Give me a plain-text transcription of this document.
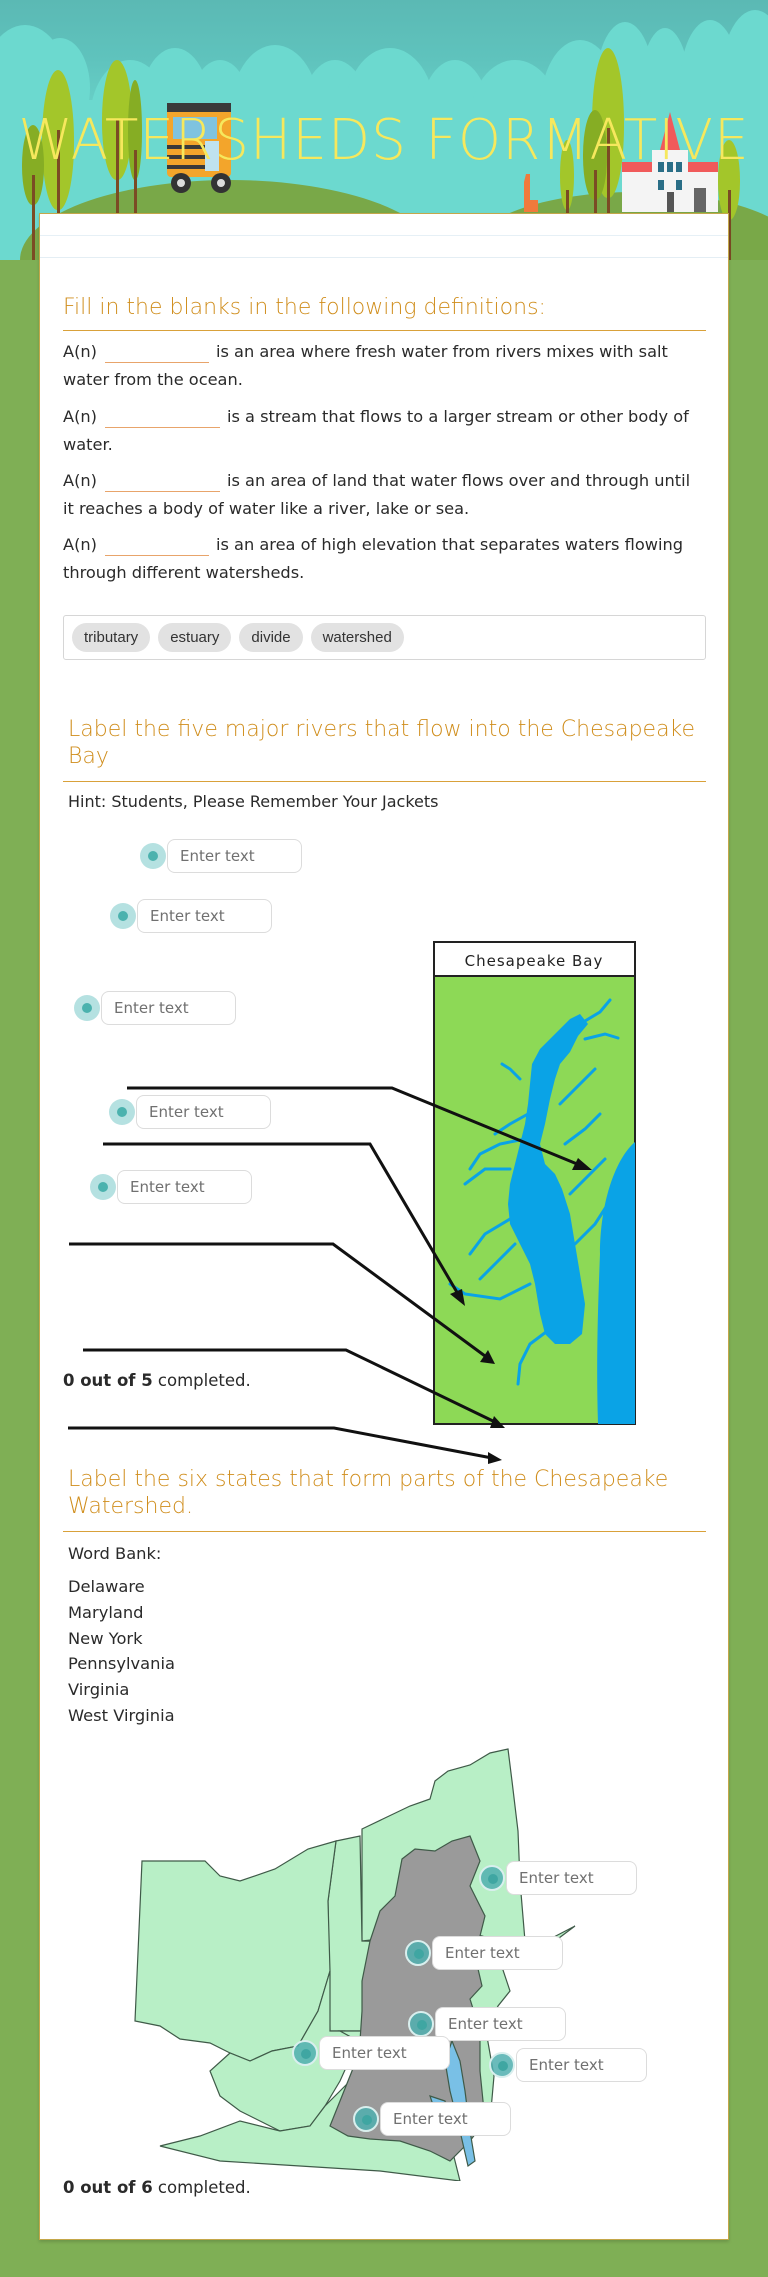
WATERSHEDS FORMATIVE
Fill in the blanks in the following definitions:
A(n)	is an area where fresh water from rivers mixes with salt
water from the ocean.
A(n)	is a stream that flows to a larger stream or other body of
water.
A(n)	is an area of land that water flows over and through until
it reaches a body of water like a river, lake or sea.
A(n)	is an area of high elevation that separates waters flowing
through different watersheds.
tributary	estuary	divide	watershed
Label the five major rivers that flow into the Chesapeake
Bay
Hint: Students, Please Remember Your Jackets
Chesapeake Bay
Enter text
Enter text
Enter text
Enter text
Enter text
0 out of 5 completed.
Label the six states that form parts of the Chesapeake
Watershed.
Word Bank:
Delaware
Maryland
New York
Pennsylvania
Virginia
West Virginia
Enter text
Enter text
Enter text
Enter text
Enter text
Enter text
0 out of 6 completed.
